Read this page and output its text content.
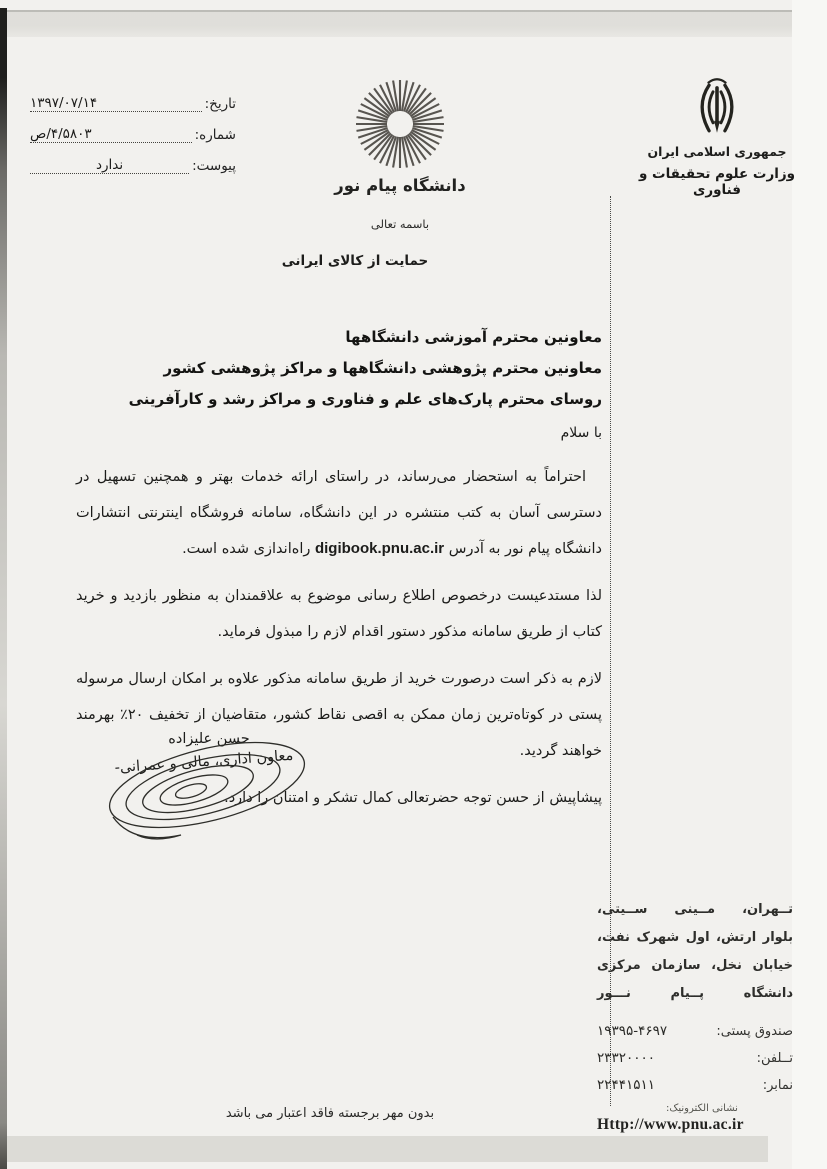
تاریخ:
۱۳۹۷/۰۷/۱۴
شماره:
۴/۵۸۰۳/ص
پیوست:
ندارد
جمهوری اسلامی ایران
وزارت علوم تحقیقات و فناوری
دانشگاه پیام نور
باسمه تعالی
حمایت از کالای ایرانی
معاونین محترم آموزشی دانشگاهها
معاونین محترم پژوهشی دانشگاهها و مراکز پژوهشی کشور
روسای محترم پارک‌های علم و فناوری و مراکز رشد و کارآفرینی
با سلام

احتراماً به استحضار می‌رساند، در راستای ارائه خدمات بهتر و همچنین تسهیل در دسترسی آسان به کتب منتشره در این دانشگاه، سامانه فروشگاه اینترنتی انتشارات دانشگاه پیام نور به آدرس digibook.pnu.ac.ir راه‌اندازی شده است.

لذا مستدعیست درخصوص اطلاع رسانی موضوع به علاقمندان به منظور بازدید و خرید کتاب از طریق سامانه مذکور دستور اقدام لازم را مبذول فرماید.

لازم به ذکر است درصورت خرید از طریق سامانه مذکور علاوه بر امکان ارسال مرسوله پستی در کوتاه‌ترین زمان ممکن به اقصی نقاط کشور، متقاضیان از تخفیف ۲۰٪ بهرمند خواهند گردید.

پیشاپیش از حسن توجه حضرتعالی کمال تشکر و امتنان را دارد.
حسن علیزاده
معاون اداری، مالی و عمرانی-
تــهران، مــینی ســیتی،
بلوار ارتش، اول شهرک نفت،
خیابان نخل، سازمان مرکزی
دانشگاه پــیام نـــور
صندوق پستی:
۱۹۳۹۵-۴۶۹۷
تــلفن:
۲۳۳۲۰۰۰۰
نمابر:
۲۲۴۴۱۵۱۱
نشانی الکترونیک:
Http://www.pnu.ac.ir
بدون مهر برجسته فاقد اعتبار می باشد
